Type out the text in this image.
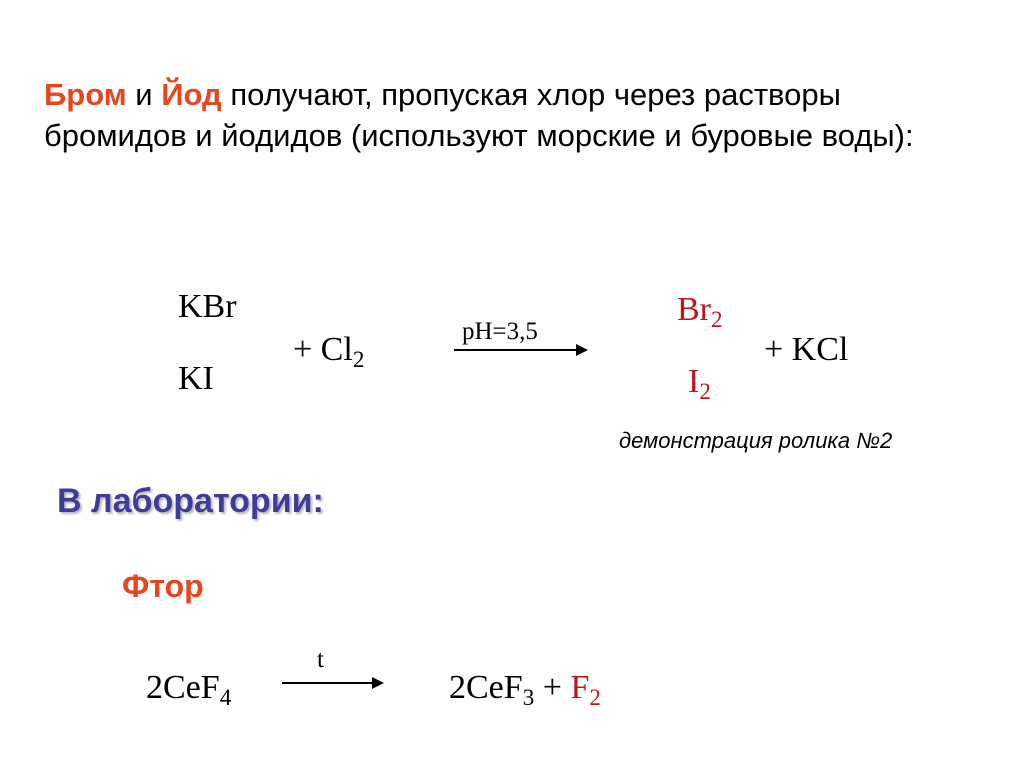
Бром и Йод получают, пропуская хлор через растворы бромидов и йодидов (используют морские и буровые воды):
KBr
KI
+ $Cl_2$
pH=3,5
$Br_2$
$I_2$
+ KCl
демонстрация ролика №2
В лаборатории:
Фтор
2CeF$_4$
t
$2CeF_3 + F_2$
